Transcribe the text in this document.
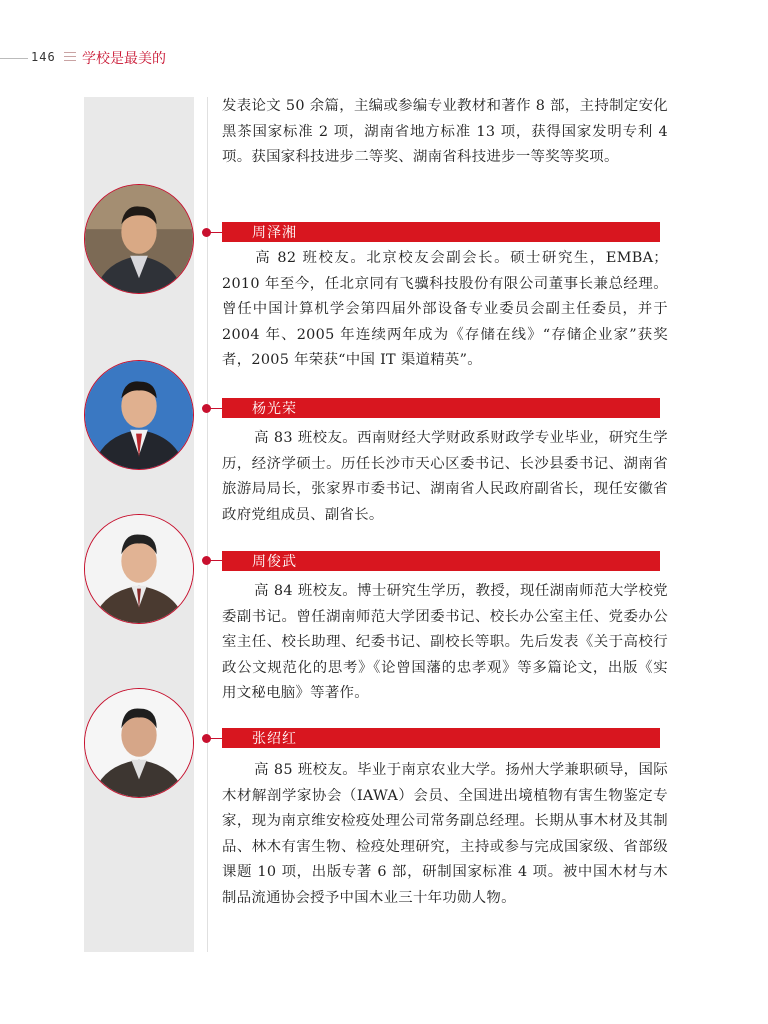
146 学校是最美的

发表论文 50 余篇，主编或参编专业教材和著作 8 部，主持制定安化黑茶国家标准 2 项，湖南省地方标准 13 项，获得国家发明专利 4 项。获国家科技进步二等奖、湖南省科技进步一等奖等奖项。

周泽湘

高 82 班校友。北京校友会副会长。硕士研究生，EMBA；2010 年至今，任北京同有飞骥科技股份有限公司董事长兼总经理。曾任中国计算机学会第四届外部设备专业委员会副主任委员，并于 2004 年、2005 年连续两年成为《存储在线》“存储企业家”获奖者，2005 年荣获“中国 IT 渠道精英”。

杨光荣

高 83 班校友。西南财经大学财政系财政学专业毕业，研究生学历，经济学硕士。历任长沙市天心区委书记、长沙县委书记、湖南省旅游局局长，张家界市委书记、湖南省人民政府副省长，现任安徽省政府党组成员、副省长。

周俊武

高 84 班校友。博士研究生学历，教授，现任湖南师范大学校党委副书记。曾任湖南师范大学团委书记、校长办公室主任、党委办公室主任、校长助理、纪委书记、副校长等职。先后发表《关于高校行政公文规范化的思考》《论曾国藩的忠孝观》等多篇论文，出版《实用文秘电脑》等著作。

张绍红

高 85 班校友。毕业于南京农业大学。扬州大学兼职硕导，国际木材解剖学家协会（IAWA）会员、全国进出境植物有害生物鉴定专家，现为南京维安检疫处理公司常务副总经理。长期从事木材及其制品、林木有害生物、检疫处理研究，主持或参与完成国家级、省部级课题 10 项，出版专著 6 部，研制国家标准 4 项。被中国木材与木制品流通协会授予中国木业三十年功勋人物。
